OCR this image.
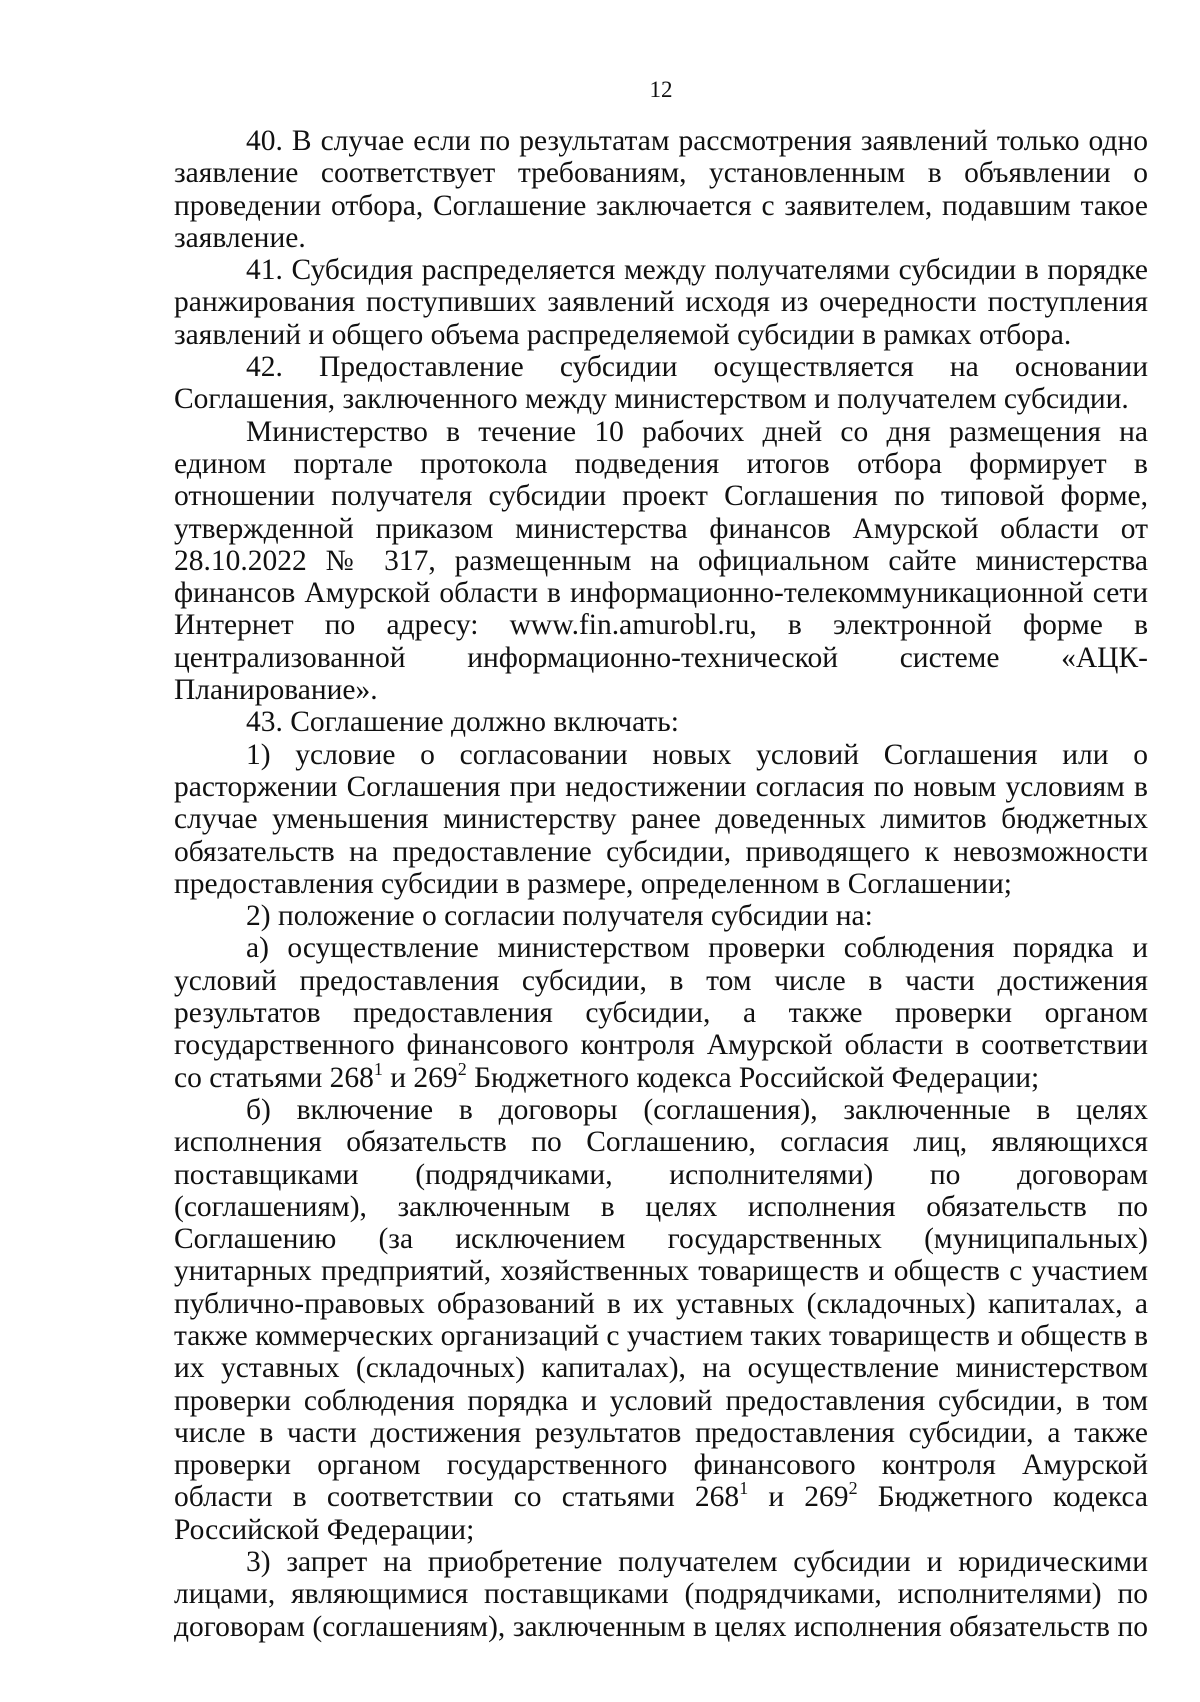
12

40. В случае если по результатам рассмотрения заявлений только одно заявление соответствует требованиям, установленным в объявлении о проведении отбора, Соглашение заключается с заявителем, подавшим такое заявление.

41. Субсидия распределяется между получателями субсидии в порядке ранжирования поступивших заявлений исходя из очередности поступления заявлений и общего объема распределяемой субсидии в рамках отбора.

42. Предоставление субсидии осуществляется на основании Соглашения, заключенного между министерством и получателем субсидии.

Министерство в течение 10 рабочих дней со дня размещения на едином портале протокола подведения итогов отбора формирует в отношении получателя субсидии проект Соглашения по типовой форме, утвержденной приказом министерства финансов Амурской области от 28.10.2022 № 317, размещенным на официальном сайте министерства финансов Амурской области в информационно-телекоммуникационной сети Интернет по адресу: www.fin.amurobl.ru, в электронной форме в централизованной информационно-технической системе «АЦК-Планирование».

43. Соглашение должно включать:

1) условие о согласовании новых условий Соглашения или о расторжении Соглашения при недостижении согласия по новым условиям в случае уменьшения министерству ранее доведенных лимитов бюджетных обязательств на предоставление субсидии, приводящего к невозможности предоставления субсидии в размере, определенном в Соглашении;

2) положение о согласии получателя субсидии на:

а) осуществление министерством проверки соблюдения порядка и условий предоставления субсидии, в том числе в части достижения результатов предоставления субсидии, а также проверки органом государственного финансового контроля Амурской области в соответствии со статьями $268^1$ и $269^2$ Бюджетного кодекса Российской Федерации;

б) включение в договоры (соглашения), заключенные в целях исполнения обязательств по Соглашению, согласия лиц, являющихся поставщиками (подрядчиками, исполнителями) по договорам (соглашениям), заключенным в целях исполнения обязательств по Соглашению (за исключением государственных (муниципальных) унитарных предприятий, хозяйственных товариществ и обществ с участием публично-правовых образований в их уставных (складочных) капиталах, а также коммерческих организаций с участием таких товариществ и обществ в их уставных (складочных) капиталах), на осуществление министерством проверки соблюдения порядка и условий предоставления субсидии, в том числе в части достижения результатов предоставления субсидии, а также проверки органом государственного финансового контроля Амурской области в соответствии со статьями $268^1$ и $269^2$ Бюджетного кодекса Российской Федерации;

3) запрет на приобретение получателем субсидии и юридическими лицами, являющимися поставщиками (подрядчиками, исполнителями) по договорам (соглашениям), заключенным в целях исполнения обязательств по
